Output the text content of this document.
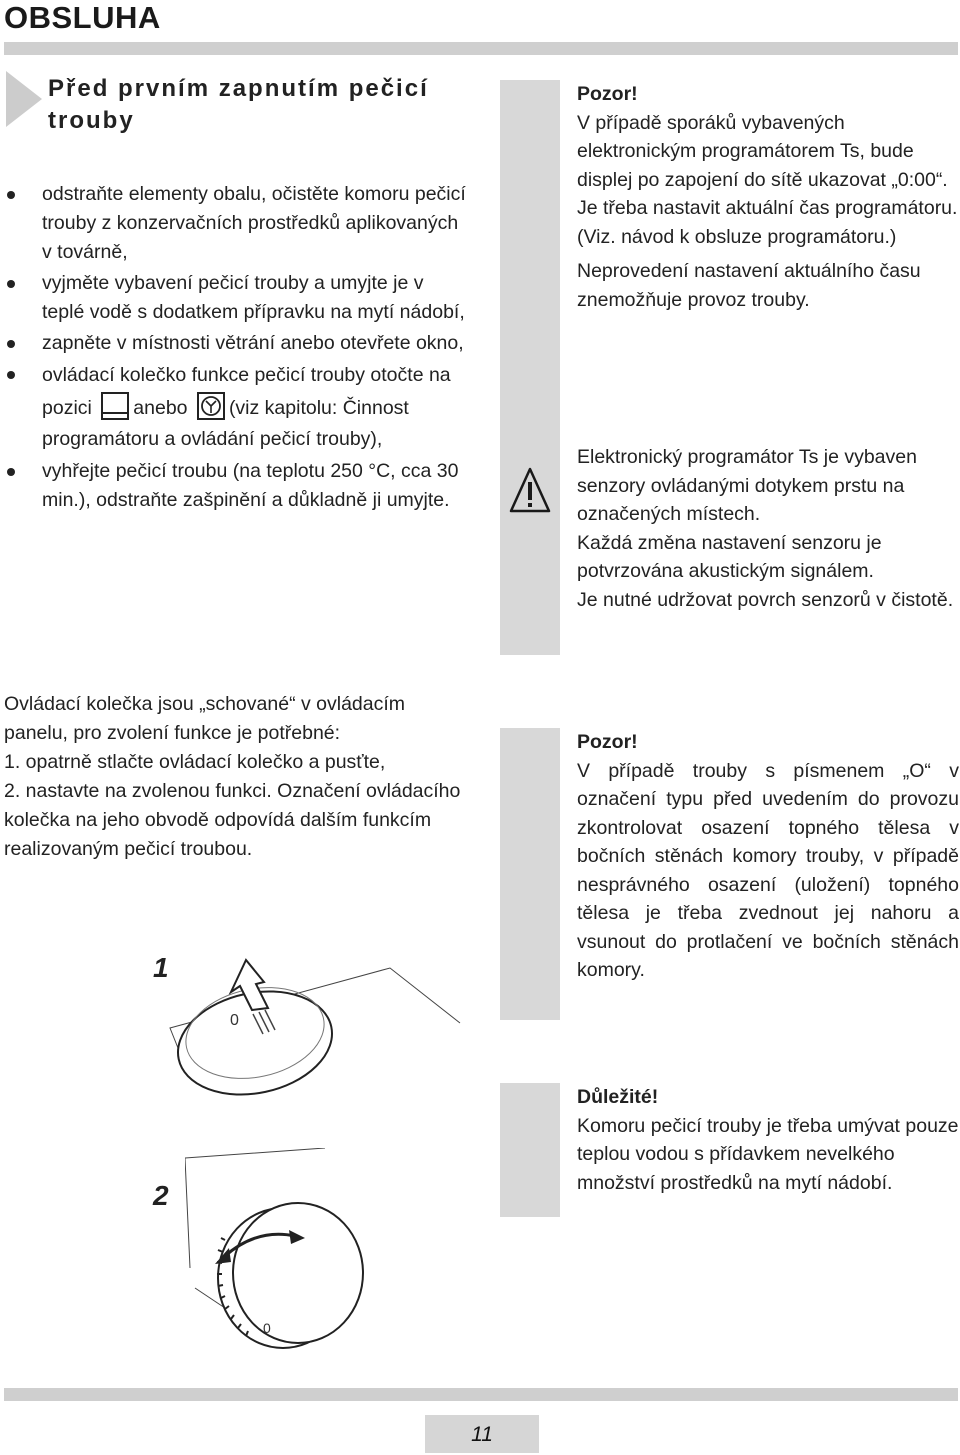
OBSLUHA
Před prvním zapnutím pečicí trouby
odstraňte elementy obalu, očistěte komoru pečicí trouby z konzervačních prostředků aplikovaných v továrně,
vyjměte vybavení pečicí trouby a umyjte je v teplé vodě s dodatkem přípravku na mytí nádobí,
zapněte v místnosti větrání anebo otevřete okno,
ovládací kolečko funkce pečicí trouby otočte na pozici anebo (viz kapitolu: Činnost programátoru a ovládání pečicí trouby),
vyhřejte pečicí troubu (na teplotu 250 °C, cca 30 min.), odstraňte zašpinění a důkladně ji umyjte.

Pozor!

V případě sporáků vybavených elektronickým programátorem Ts, bude displej po zapojení do sítě ukazovat „0:00“. Je třeba nastavit aktuální čas programátoru. (Viz. návod k obsluze programátoru.)

Neprovedení nastavení aktuálního času znemožňuje provoz trouby.

Elektronický programátor Ts je vybaven senzory ovládanými dotykem prstu na označených místech.

Každá změna nastavení senzoru je potvrzována akustickým signálem.

Je nutné udržovat povrch senzorů v čistotě.

Ovládací kolečka jsou „schované“ v ovládacím panelu, pro zvolení funkce je potřebné:

1. opatrně stlačte ovládací kolečko a pusťte,

2. nastavte na zvolenou funkci. Označení ovládacího kolečka na jeho obvodě odpovídá dalším funkcím realizovaným pečicí troubou.

1
0
2
0

Pozor!

V případě trouby s písmenem „O“ v označení typu před uvedením do provozu zkontrolovat osazení topného tělesa v bočních stěnách komory trouby, v případě nesprávného osazení (uložení) topného tělesa je třeba zvednout jej nahoru a vsunout do protlačení ve bočních stěnách komory.

Důležité!

Komoru pečicí trouby je třeba umývat pouze teplou vodou s přídavkem nevelkého množství prostředků na mytí nádobí.

11
